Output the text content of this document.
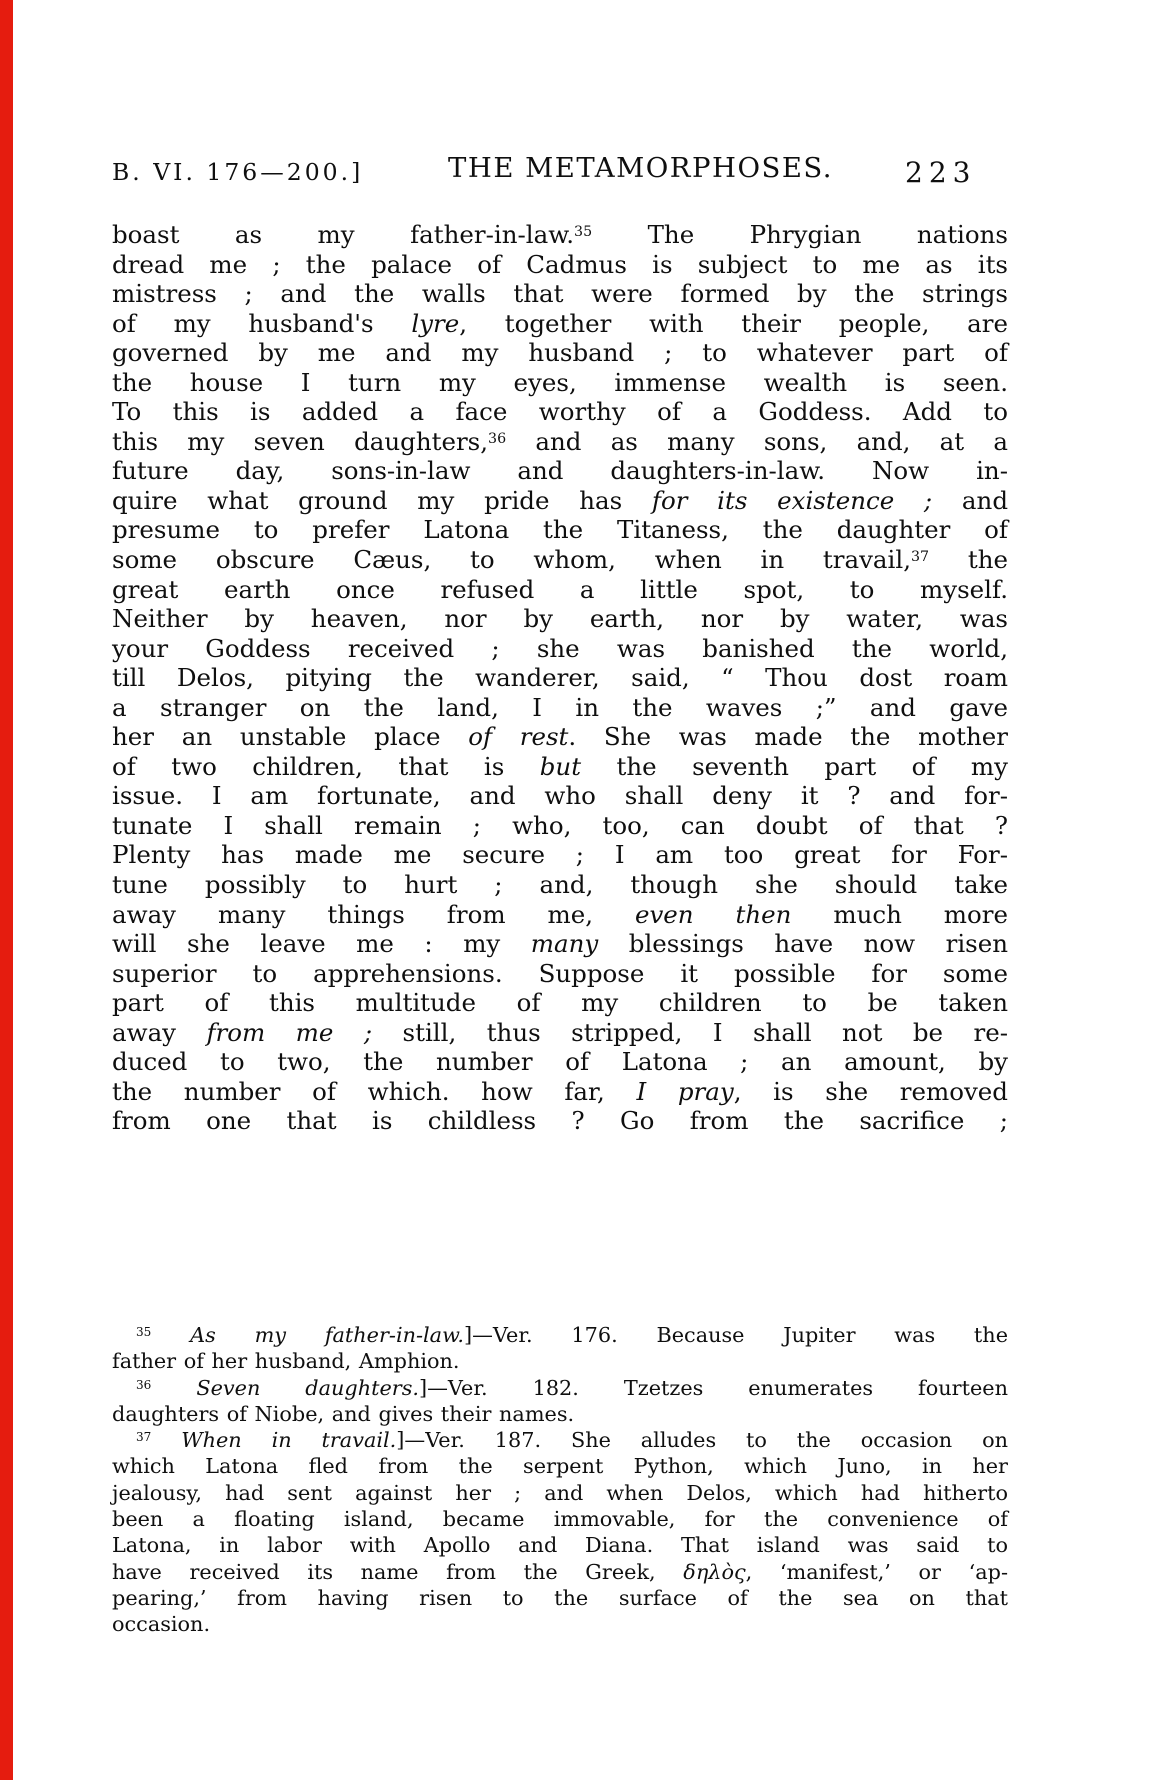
B. VI. 176—200.]	THE METAMORPHOSES.	223
boast as my father-in-law.$^{35}$ The Phrygian nations
dread me ; the palace of Cadmus is subject to me as its
mistress ; and the walls that were formed by the strings
of my husband's lyre, together with their people, are
governed by me and my husband ; to whatever part of
the house I turn my eyes, immense wealth is seen.
To this is added a face worthy of a Goddess. Add to
this my seven daughters,$^{36}$ and as many sons, and, at a
future day, sons-in-law and daughters-in-law. Now in-
quire what ground my pride has for its existence ; and
presume to prefer Latona the Titaness, the daughter of
some obscure Cæus, to whom, when in travail,$^{37}$ the
great earth once refused a little spot, to myself.
Neither by heaven, nor by earth, nor by water, was
your Goddess received ; she was banished the world,
till Delos, pitying the wanderer, said, “ Thou dost roam
a stranger on the land, I in the waves ;” and gave
her an unstable place of rest. She was made the mother
of two children, that is but the seventh part of my
issue. I am fortunate, and who shall deny it ? and for-
tunate I shall remain ; who, too, can doubt of that ?
Plenty has made me secure ; I am too great for For-
tune possibly to hurt ; and, though she should take
away many things from me, even then much more
will she leave me : my many blessings have now risen
superior to apprehensions. Suppose it possible for some
part of this multitude of my children to be taken
away from me ; still, thus stripped, I shall not be re-
duced to two, the number of Latona ; an amount, by
the number of which. how far, I pray, is she removed
from one that is childless ? Go from the sacrifice ;
$^{35}$ As my father-in-law.]—Ver. 176. Because Jupiter was the
father of her husband, Amphion.
$^{36}$ Seven daughters.]—Ver. 182. Tzetzes enumerates fourteen
daughters of Niobe, and gives their names.
$^{37}$ When in travail.]—Ver. 187. She alludes to the occasion on
which Latona fled from the serpent Python, which Juno, in her
jealousy, had sent against her ; and when Delos, which had hitherto
been a floating island, became immovable, for the convenience of
Latona, in labor with Apollo and Diana. That island was said to
have received its name from the Greek, δηλὸς, ‘manifest,’ or ‘ap-
pearing,’ from having risen to the surface of the sea on that
occasion.
